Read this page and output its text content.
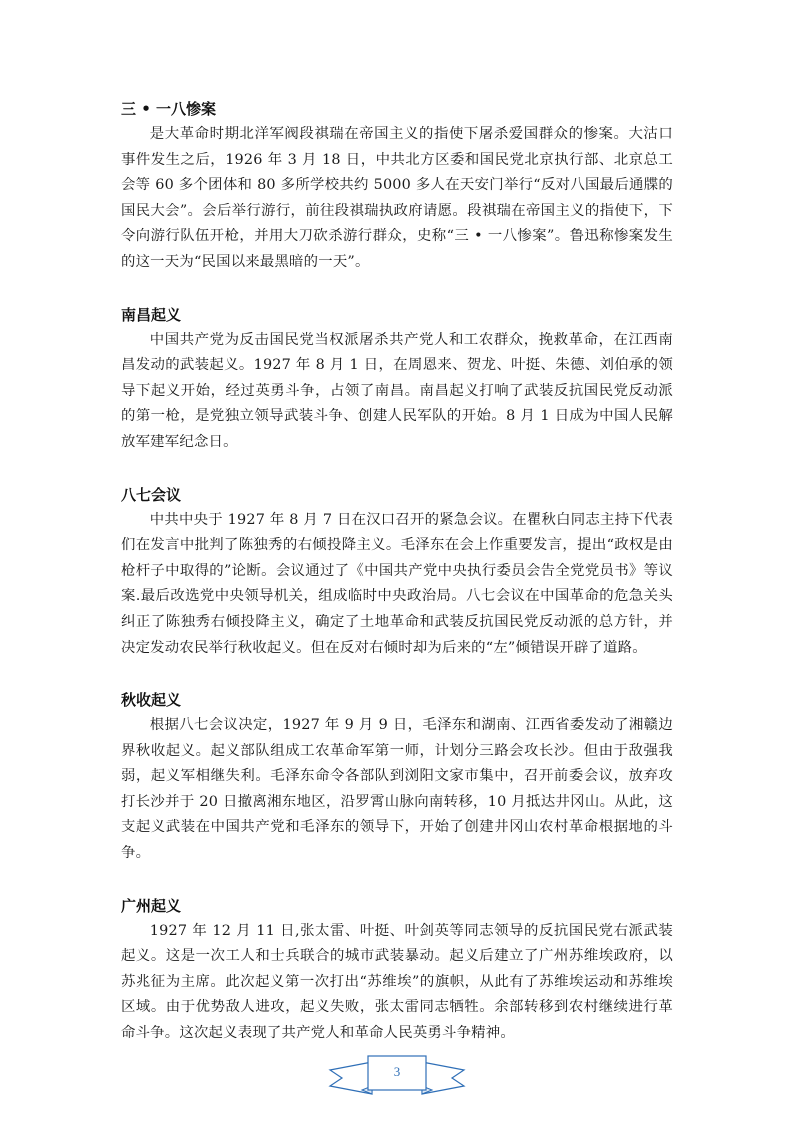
三 • 一八惨案

是大革命时期北洋军阀段祺瑞在帝国主义的指使下屠杀爱国群众的惨案。大沽口事件发生之后，1926 年 3 月 18 日，中共北方区委和国民党北京执行部、北京总工会等 60 多个团体和 80 多所学校共约 5000 多人在天安门举行“反对八国最后通牒的国民大会”。会后举行游行，前往段祺瑞执政府请愿。段祺瑞在帝国主义的指使下，下令向游行队伍开枪，并用大刀砍杀游行群众，史称“三 • 一八惨案”。鲁迅称惨案发生的这一天为“民国以来最黑暗的一天”。

南昌起义

中国共产党为反击国民党当权派屠杀共产党人和工农群众，挽救革命，在江西南昌发动的武装起义。1927 年 8 月 1 日，在周恩来、贺龙、叶挺、朱德、刘伯承的领导下起义开始，经过英勇斗争，占领了南昌。南昌起义打响了武装反抗国民党反动派的第一枪，是党独立领导武装斗争、创建人民军队的开始。8 月 1 日成为中国人民解放军建军纪念日。

八七会议

中共中央于 1927 年 8 月 7 日在汉口召开的紧急会议。在瞿秋白同志主持下代表们在发言中批判了陈独秀的右倾投降主义。毛泽东在会上作重要发言，提出“政权是由枪杆子中取得的”论断。会议通过了《中国共产党中央执行委员会告全党党员书》等议案.最后改选党中央领导机关，组成临时中央政治局。八七会议在中国革命的危急关头纠正了陈独秀右倾投降主义，确定了土地革命和武装反抗国民党反动派的总方针，并决定发动农民举行秋收起义。但在反对右倾时却为后来的“左”倾错误开辟了道路。

秋收起义

根据八七会议决定，1927 年 9 月 9 日，毛泽东和湖南、江西省委发动了湘赣边界秋收起义。起义部队组成工农革命军第一师，计划分三路会攻长沙。但由于敌强我弱，起义军相继失利。毛泽东命令各部队到浏阳文家市集中，召开前委会议，放弃攻打长沙并于 20 日撤离湘东地区，沿罗霄山脉向南转移，10 月抵达井冈山。从此，这支起义武装在中国共产党和毛泽东的领导下，开始了创建井冈山农村革命根据地的斗争。

广州起义

1927 年 12 月 11 日,张太雷、叶挺、叶剑英等同志领导的反抗国民党右派武装起义。这是一次工人和士兵联合的城市武装暴动。起义后建立了广州苏维埃政府，以苏兆征为主席。此次起义第一次打出“苏维埃”的旗帜，从此有了苏维埃运动和苏维埃区域。由于优势敌人进攻，起义失败，张太雷同志牺牲。余部转移到农村继续进行革命斗争。这次起义表现了共产党人和革命人民英勇斗争精神。

3
